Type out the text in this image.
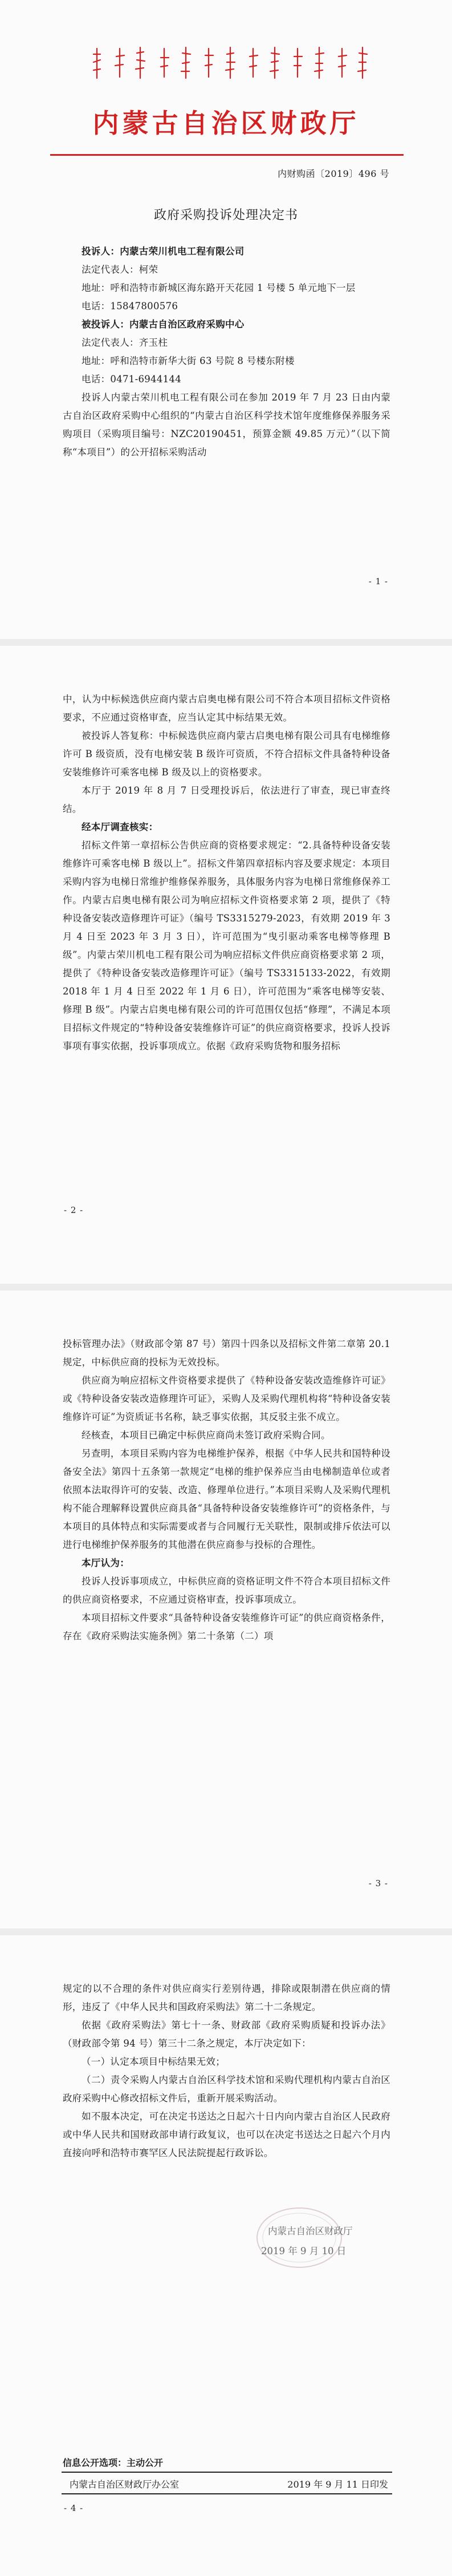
内蒙古自治区财政厅
内财购函〔2019〕496 号
政府采购投诉处理决定书

投诉人：内蒙古荣川机电工程有限公司

法定代表人：柯荣

地址：呼和浩特市新城区海东路开天花园 1 号楼 5 单元地下一层

电话：15847800576

被投诉人：内蒙古自治区政府采购中心

法定代表人：齐玉柱

地址：呼和浩特市新华大街 63 号院 8 号楼东附楼

电话：0471-6944144

投诉人内蒙古荣川机电工程有限公司在参加 2019 年 7 月 23 日由内蒙古自治区政府采购中心组织的“内蒙古自治区科学技术馆年度维修保养服务采购项目（采购项目编号：NZC20190451，预算金额 49.85 万元）”（以下简称“本项目”）的公开招标采购活动

- 1 -

中，认为中标候选供应商内蒙古启奥电梯有限公司不符合本项目招标文件资格要求，不应通过资格审查，应当认定其中标结果无效。

被投诉人答复称：中标候选供应商内蒙古启奥电梯有限公司具有电梯维修许可 B 级资质，没有电梯安装 B 级许可资质，不符合招标文件具备特种设备安装维修许可乘客电梯 B 级及以上的资格要求。

本厅于 2019 年 8 月 7 日受理投诉后，依法进行了审查，现已审查终结。

经本厅调查核实：

招标文件第一章招标公告供应商的资格要求规定：“2.具备特种设备安装维修许可乘客电梯 B 级以上”。招标文件第四章招标内容及要求规定：本项目采购内容为电梯日常维护维修保养服务，具体服务内容为电梯日常维修保养工作。内蒙古启奥电梯有限公司为响应招标文件资格要求第 2 项，提供了《特种设备安装改造修理许可证》（编号 TS3315279-2023，有效期 2019 年 3 月 4 日至 2023 年 3 月 3 日），许可范围为“曳引驱动乘客电梯等修理 B 级”。内蒙古荣川机电工程有限公司为响应招标文件供应商资格要求第 2 项，提供了《特种设备安装改造修理许可证》（编号 TS3315133-2022，有效期 2018 年 1 月 4 日至 2022 年 1 月 6 日），许可范围为“乘客电梯等安装、修理 B 级”。内蒙古启奥电梯有限公司的许可范围仅包括“修理”，不满足本项目招标文件规定的“特种设备安装维修许可证”的供应商资格要求，投诉人投诉事项有事实依据，投诉事项成立。依据《政府采购货物和服务招标

- 2 -

投标管理办法》（财政部令第 87 号）第四十四条以及招标文件第二章第 20.1 规定，中标供应商的投标为无效投标。

供应商为响应招标文件资格要求提供了《特种设备安装改造维修许可证》或《特种设备安装改造修理许可证》，采购人及采购代理机构将“特种设备安装维修许可证”为资质证书名称，缺乏事实依据，其反驳主张不成立。

经核查，本项目已确定中标供应商尚未签订政府采购合同。

另查明，本项目采购内容为电梯维护保养，根据《中华人民共和国特种设备安全法》第四十五条第一款规定“电梯的维护保养应当由电梯制造单位或者依照本法取得许可的安装、改造、修理单位进行。”本项目采购人及采购代理机构不能合理解释设置供应商具备“具备特种设备安装维修许可”的资格条件，与本项目的具体特点和实际需要或者与合同履行无关联性，限制或排斥依法可以进行电梯维护保养服务的其他潜在供应商参与投标的合理性。

本厅认为：

投诉人投诉事项成立，中标供应商的资格证明文件不符合本项目招标文件的供应商资格要求，不应通过资格审查，投诉事项成立。

本项目招标文件要求“具备特种设备安装维修许可证”的供应商资格条件，存在《政府采购法实施条例》第二十条第（二）项

- 3 -

规定的以不合理的条件对供应商实行差别待遇，排除或限制潜在供应商的情形，违反了《中华人民共和国政府采购法》第二十二条规定。

依据《政府采购法》第七十一条、财政部《政府采购质疑和投诉办法》（财政部令第 94 号）第三十二条之规定，本厅决定如下：

（一）认定本项目中标结果无效；

（二）责令采购人内蒙古自治区科学技术馆和采购代理机构内蒙古自治区政府采购中心修改招标文件后，重新开展采购活动。

如不服本决定，可在决定书送达之日起六十日内向内蒙古自治区人民政府或中华人民共和国财政部申请行政复议，也可以在决定书送达之日起六个月内直接向呼和浩特市赛罕区人民法院提起行政诉讼。

内蒙古自治区财政厅
2019 年 9 月 10 日
信息公开选项：主动公开
内蒙古自治区财政厅办公室	2019 年 9 月 11 日印发
- 4 -
